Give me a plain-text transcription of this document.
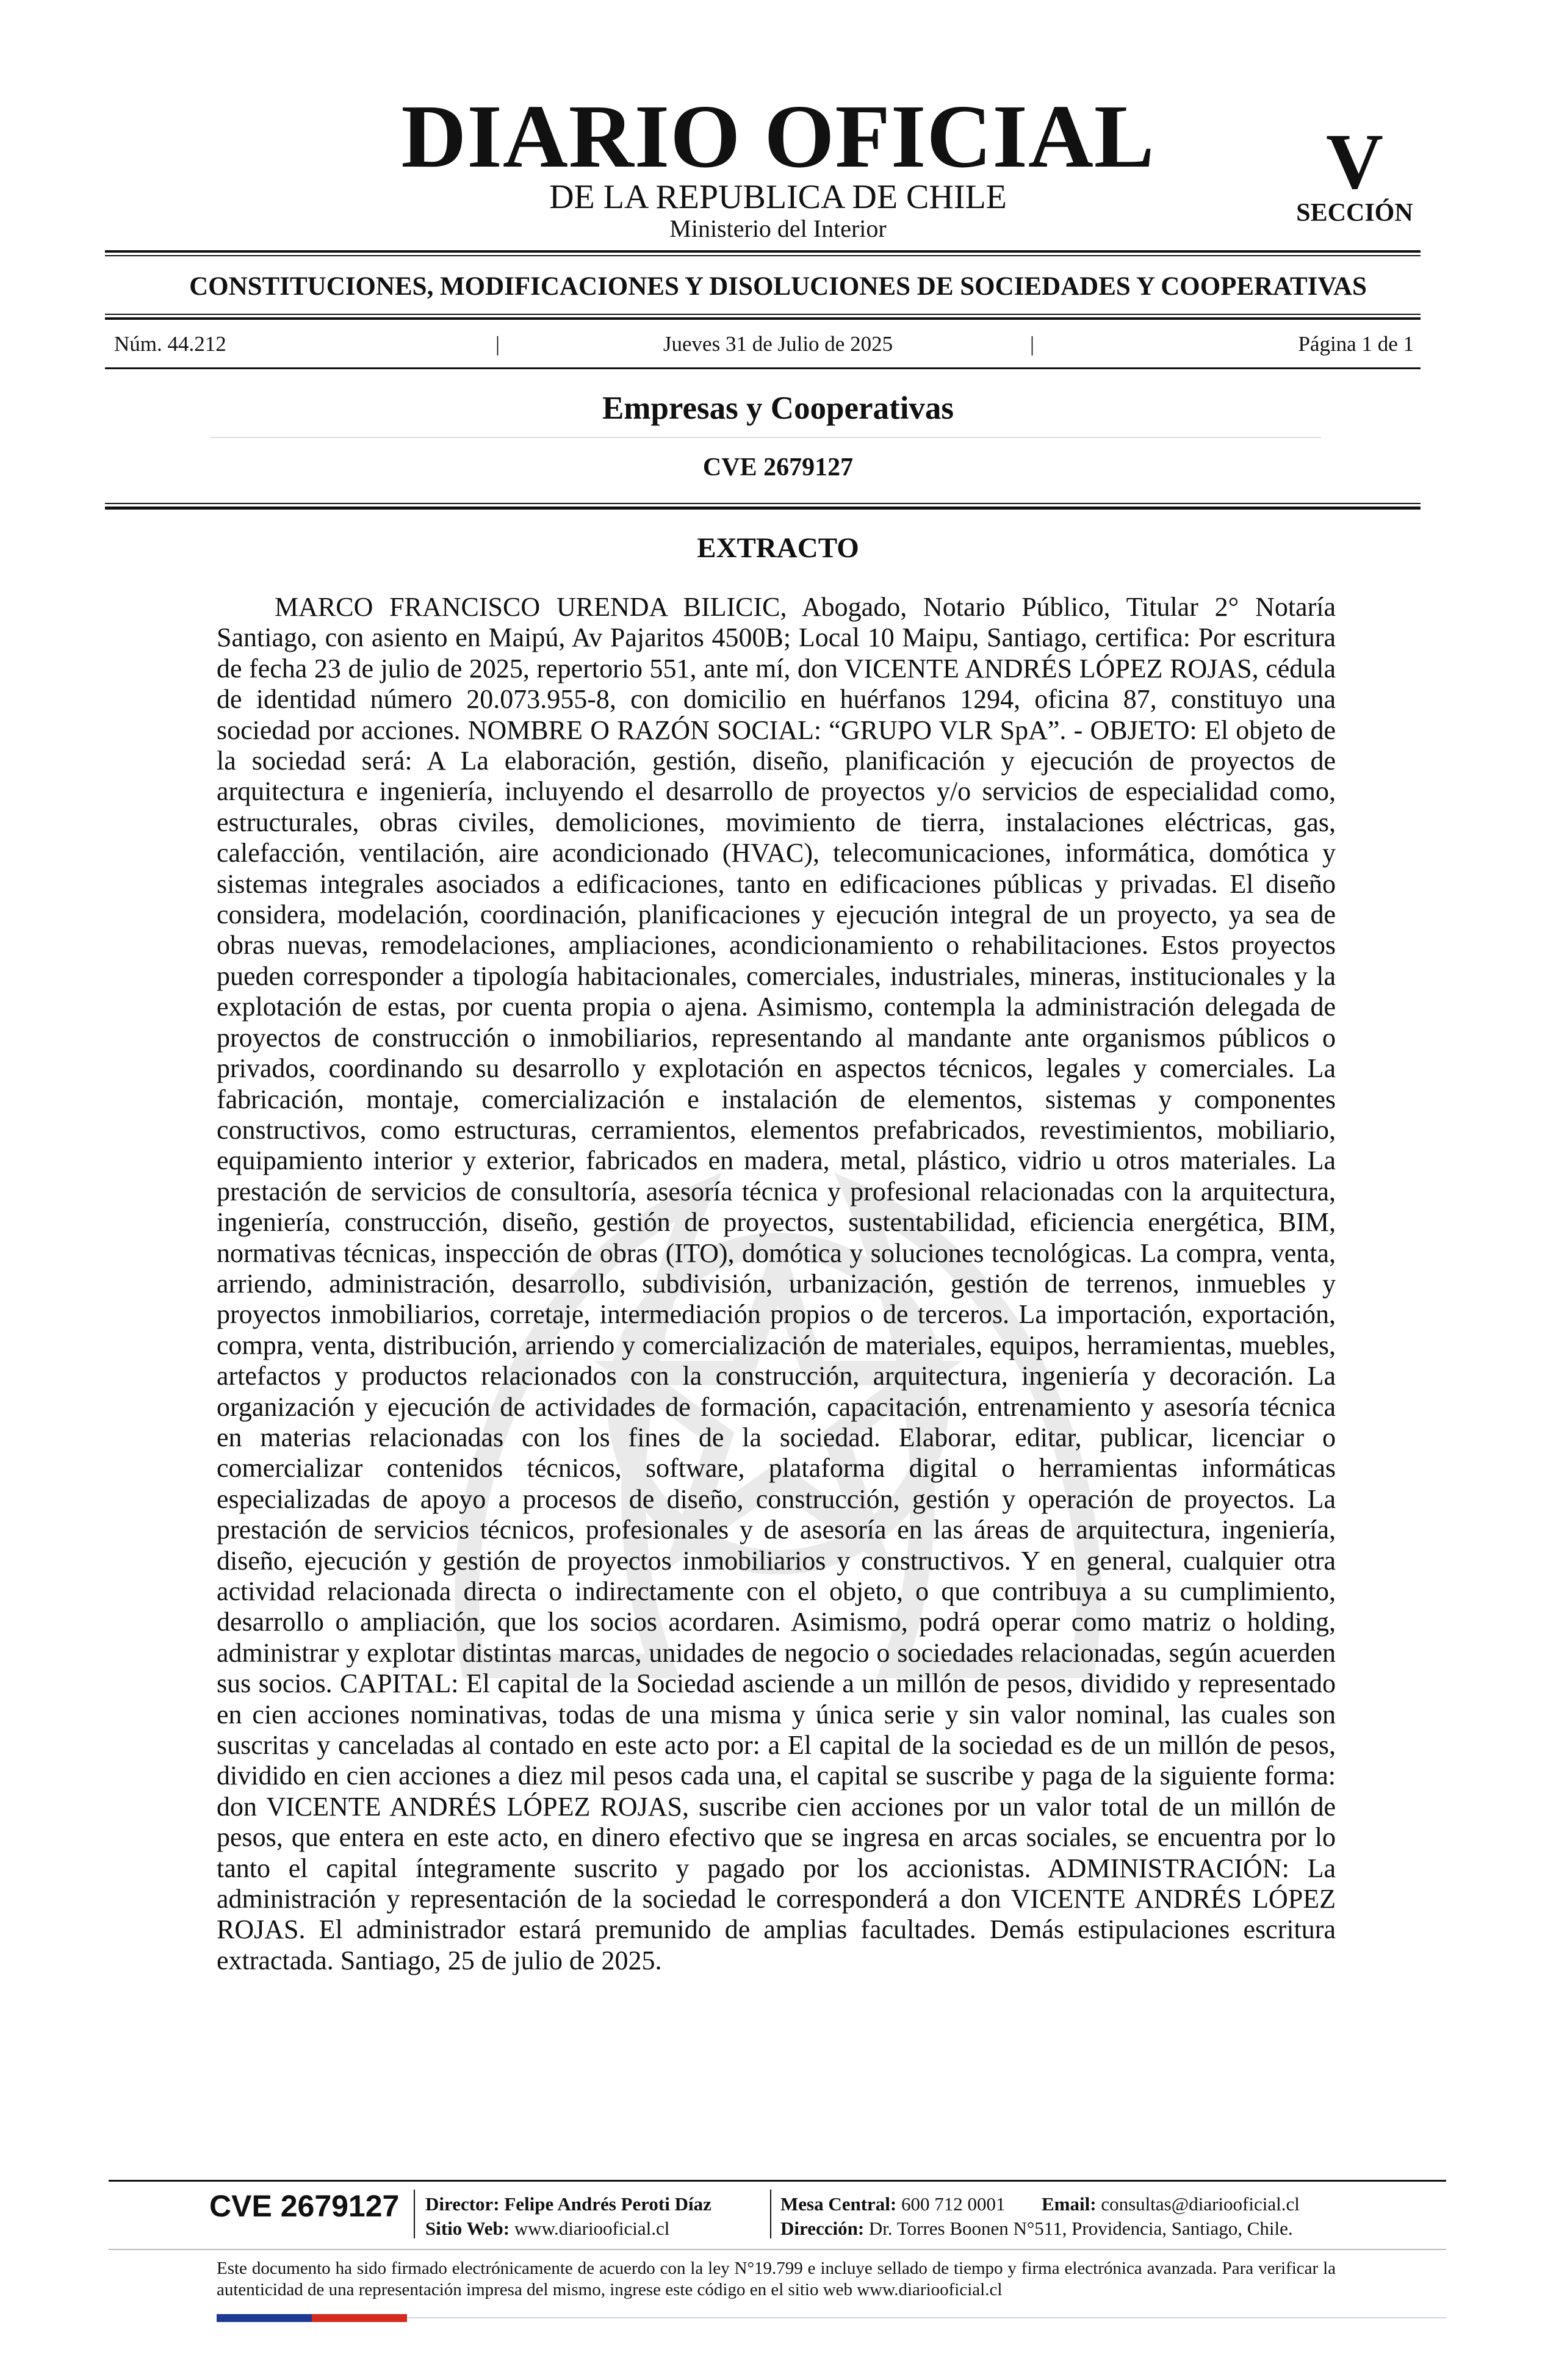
DIARIO OFICIAL
DE LA REPUBLICA DE CHILE
Ministerio del Interior
V
SECCIÓN
CONSTITUCIONES, MODIFICACIONES Y DISOLUCIONES DE SOCIEDADES Y COOPERATIVAS
Núm. 44.212	|	Jueves 31 de Julio de 2025	|	Página 1 de 1
Empresas y Cooperativas
CVE 2679127
EXTRACTO

MARCO FRANCISCO URENDA BILICIC, Abogado, Notario Público, Titular 2° Notaría Santiago, con asiento en Maipú, Av Pajaritos 4500B; Local 10 Maipu, Santiago, certifica: Por escritura de fecha 23 de julio de 2025, repertorio 551, ante mí, don VICENTE ANDRÉS LÓPEZ ROJAS, cédula de identidad número 20.073.955-8, con domicilio en huérfanos 1294, oficina 87, constituyo una sociedad por acciones. NOMBRE O RAZÓN SOCIAL: “GRUPO VLR SpA”. - OBJETO: El objeto de la sociedad será: A La elaboración, gestión, diseño, planificación y ejecución de proyectos de arquitectura e ingeniería, incluyendo el desarrollo de proyectos y/o servicios de especialidad como, estructurales, obras civiles, demoliciones, movimiento de tierra, instalaciones eléctricas, gas, calefacción, ventilación, aire acondicionado (HVAC), telecomunicaciones, informática, domótica y sistemas integrales asociados a edificaciones, tanto en edificaciones públicas y privadas. El diseño considera, modelación, coordinación, planificaciones y ejecución integral de un proyecto, ya sea de obras nuevas, remodelaciones, ampliaciones, acondicionamiento o rehabilitaciones. Estos proyectos pueden corresponder a tipología habitacionales, comerciales, industriales, mineras, institucionales y la explotación de estas, por cuenta propia o ajena. Asimismo, contempla la administración delegada de proyectos de construcción o inmobiliarios, representando al mandante ante organismos públicos o privados, coordinando su desarrollo y explotación en aspectos técnicos, legales y comerciales. La fabricación, montaje, comercialización e instalación de elementos, sistemas y componentes constructivos, como estructuras, cerramientos, elementos prefabricados, revestimientos, mobiliario, equipamiento interior y exterior, fabricados en madera, metal, plástico, vidrio u otros materiales. La prestación de servicios de consultoría, asesoría técnica y profesional relacionadas con la arquitectura, ingeniería, construcción, diseño, gestión de proyectos, sustentabilidad, eficiencia energética, BIM, normativas técnicas, inspección de obras (ITO), domótica y soluciones tecnológicas. La compra, venta, arriendo, administración, desarrollo, subdivisión, urbanización, gestión de terrenos, inmuebles y proyectos inmobiliarios, corretaje, intermediación propios o de terceros. La importación, exportación, compra, venta, distribución, arriendo y comercialización de materiales, equipos, herramientas, muebles, artefactos y productos relacionados con la construcción, arquitectura, ingeniería y decoración. La organización y ejecución de actividades de formación, capacitación, entrenamiento y asesoría técnica en materias relacionadas con los fines de la sociedad. Elaborar, editar, publicar, licenciar o comercializar contenidos técnicos, software, plataforma digital o herramientas informáticas especializadas de apoyo a procesos de diseño, construcción, gestión y operación de proyectos. La prestación de servicios técnicos, profesionales y de asesoría en las áreas de arquitectura, ingeniería, diseño, ejecución y gestión de proyectos inmobiliarios y constructivos. Y en general, cualquier otra actividad relacionada directa o indirectamente con el objeto, o que contribuya a su cumplimiento, desarrollo o ampliación, que los socios acordaren. Asimismo, podrá operar como matriz o holding, administrar y explotar distintas marcas, unidades de negocio o sociedades relacionadas, según acuerden sus socios. CAPITAL: El capital de la Sociedad asciende a un millón de pesos, dividido y representado en cien acciones nominativas, todas de una misma y única serie y sin valor nominal, las cuales son suscritas y canceladas al contado en este acto por: a El capital de la sociedad es de un millón de pesos, dividido en cien acciones a diez mil pesos cada una, el capital se suscribe y paga de la siguiente forma: don VICENTE ANDRÉS LÓPEZ ROJAS, suscribe cien acciones por un valor total de un millón de pesos, que entera en este acto, en dinero efectivo que se ingresa en arcas sociales, se encuentra por lo tanto el capital íntegramente suscrito y pagado por los accionistas. ADMINISTRACIÓN: La administración y representación de la sociedad le corresponderá a don VICENTE ANDRÉS LÓPEZ ROJAS. El administrador estará premunido de amplias facultades. Demás estipulaciones escritura extractada. Santiago, 25 de julio de 2025.

CVE 2679127 Director: Felipe Andrés Peroti Díaz
Sitio Web: www.diariooficial.cl
Mesa Central: 600 712 0001 Email: consultas@diariooficial.cl
Dirección: Dr. Torres Boonen N°511, Providencia, Santiago, Chile.

Este documento ha sido firmado electrónicamente de acuerdo con la ley N°19.799 e incluye sellado de tiempo y firma electrónica avanzada. Para verificar la autenticidad de una representación impresa del mismo, ingrese este código en el sitio web www.diariooficial.cl
